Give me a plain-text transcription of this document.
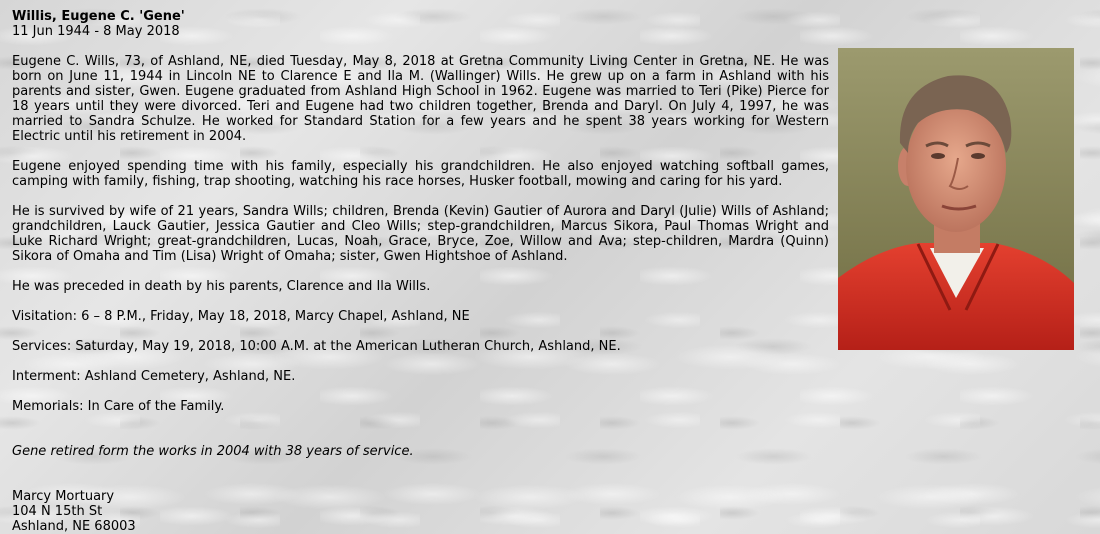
Willis, Eugene C. 'Gene'
11 Jun 1944 - 8 May 2018

Eugene C. Wills, 73, of Ashland, NE, died Tuesday, May 8, 2018 at Gretna Community Living Center in Gretna, NE. He was born on June 11, 1944 in Lincoln NE to Clarence E and Ila M. (Wallinger) Wills. He grew up on a farm in Ashland with his parents and sister, Gwen. Eugene graduated from Ashland High School in 1962. Eugene was married to Teri (Pike) Pierce for 18 years until they were divorced. Teri and Eugene had two children together, Brenda and Daryl. On July 4, 1997, he was married to Sandra Schulze. He worked for Standard Station for a few years and he spent 38 years working for Western Electric until his retirement in 2004.

Eugene enjoyed spending time with his family, especially his grandchildren. He also enjoyed watching softball games, camping with family, fishing, trap shooting, watching his race horses, Husker football, mowing and caring for his yard.

He is survived by wife of 21 years, Sandra Wills; children, Brenda (Kevin) Gautier of Aurora and Daryl (Julie) Wills of Ashland; grandchildren, Lauck Gautier, Jessica Gautier and Cleo Wills; step-grandchildren, Marcus Sikora, Paul Thomas Wright and Luke Richard Wright; great-grandchildren, Lucas, Noah, Grace, Bryce, Zoe, Willow and Ava; step-children, Mardra (Quinn) Sikora of Omaha and Tim (Lisa) Wright of Omaha; sister, Gwen Hightshoe of Ashland.

He was preceded in death by his parents, Clarence and Ila Wills.

Visitation: 6 – 8 P.M., Friday, May 18, 2018, Marcy Chapel, Ashland, NE

Services: Saturday, May 19, 2018, 10:00 A.M. at the American Lutheran Church, Ashland, NE.

Interment: Ashland Cemetery, Ashland, NE.

Memorials: In Care of the Family.

Gene retired form the works in 2004 with 38 years of service.

Marcy Mortuary
104 N 15th St
Ashland, NE 68003
